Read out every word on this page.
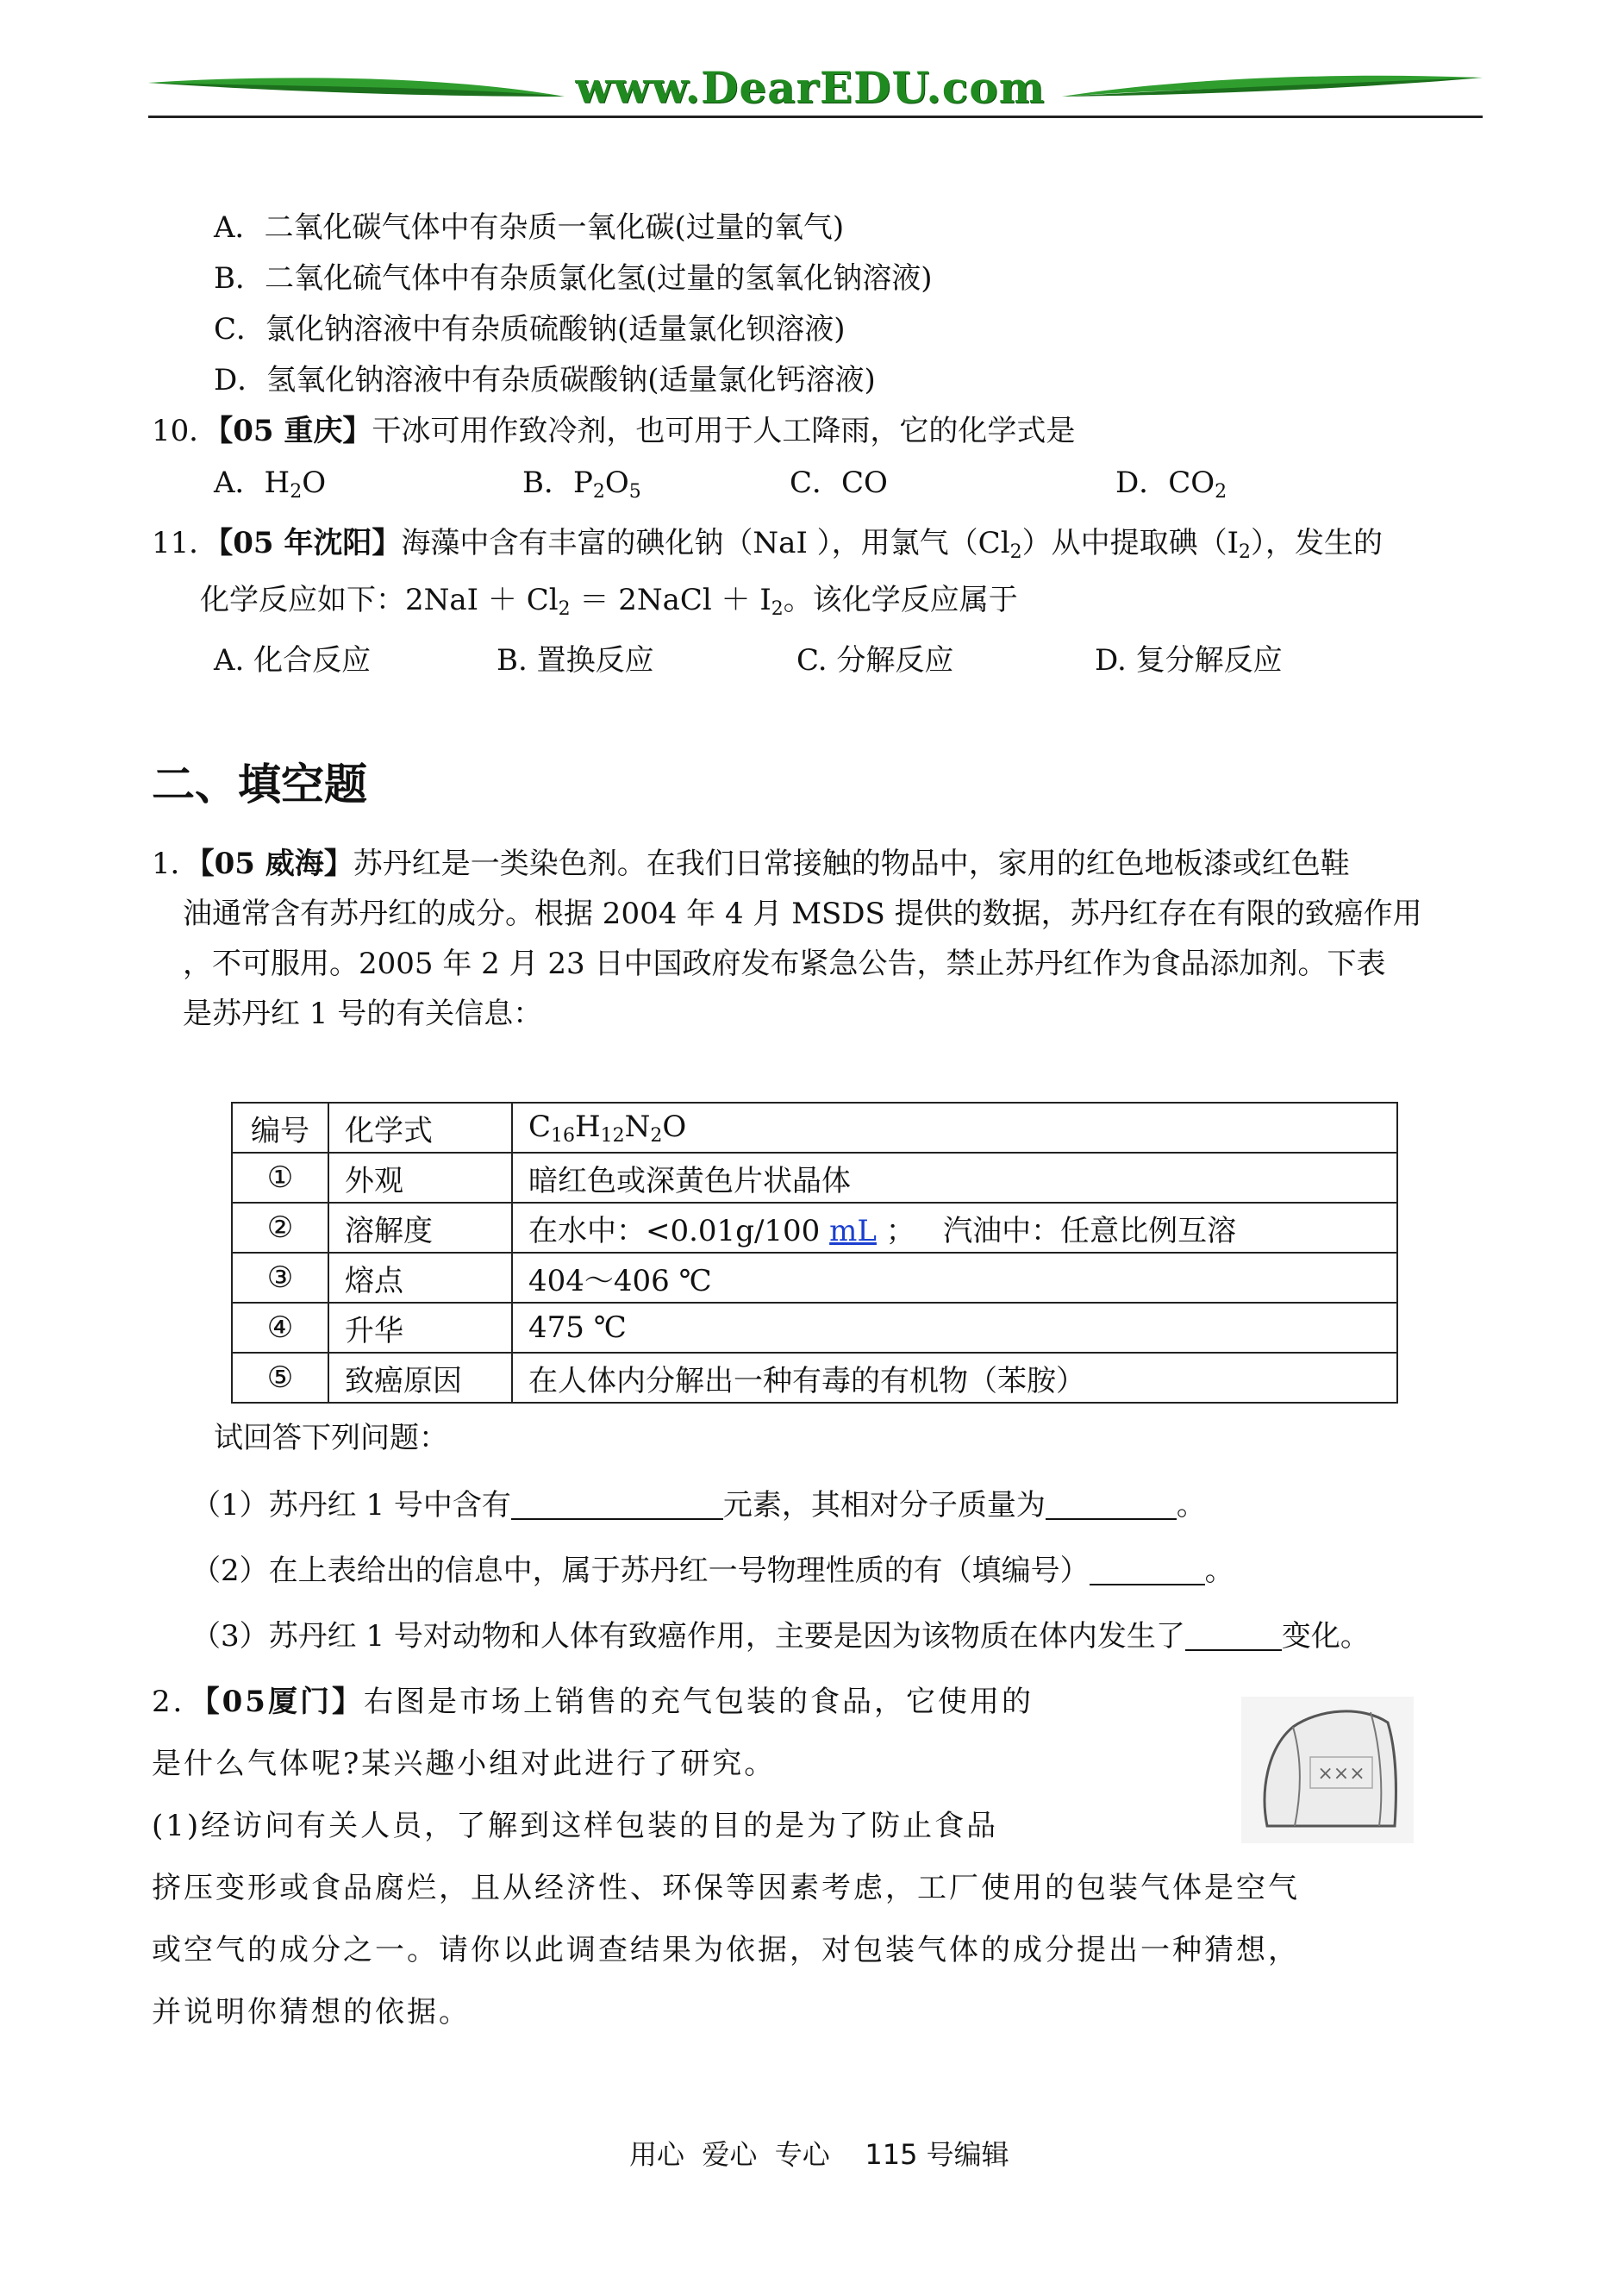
www.DearEDU.com
A．二氧化碳气体中有杂质一氧化碳(过量的氧气)
B．二氧化硫气体中有杂质氯化氢(过量的氢氧化钠溶液)
C．氯化钠溶液中有杂质硫酸钠(适量氯化钡溶液)
D．氢氧化钠溶液中有杂质碳酸钠(适量氯化钙溶液)
10．【05 重庆】干冰可用作致冷剂，也可用于人工降雨，它的化学式是
A．$H_2O$	B．$P_2O_5$	C．CO	D．$CO_2$
11．【05 年沈阳】海藻中含有丰富的碘化钠（NaI ），用氯气$(Cl_2)$从中提取碘$(I_2)$，发生的
化学反应如下：$2NaI + Cl_2$ ＝ 2NaCl ＋ $I_2$。该化学反应属于
A. 化合反应	B. 置换反应	C. 分解反应	D. 复分解反应
二、填空题
1．【05 威海】苏丹红是一类染色剂。在我们日常接触的物品中，家用的红色地板漆或红色鞋
油通常含有苏丹红的成分。根据 2004 年 4 月 MSDS 提供的数据，苏丹红存在有限的致癌作用
，不可服用。2005 年 2 月 23 日中国政府发布紧急公告，禁止苏丹红作为食品添加剂。下表
是苏丹红 1 号的有关信息：
编号	化学式	$C_{16}H_{12}N_2O$
①	外观	暗红色或深黄色片状晶体
②	溶解度	在水中：<0.01g/100 mL ；   汽油中：任意比例互溶
③	熔点	404～406 ℃
④	升华	475 ℃
⑤	致癌原因	在人体内分解出一种有毒的有机物（苯胺）
试回答下列问题：
（1）苏丹红 1 号中含有	元素，其相对分子质量为	。
（2）在上表给出的信息中，属于苏丹红一号物理性质的有（填编号）	。
（3）苏丹红 1 号对动物和人体有致癌作用，主要是因为该物质在体内发生了	变化。
2．【05厦门】右图是市场上销售的充气包装的食品，它使用的
是什么气体呢?某兴趣小组对此进行了研究。
(1)经访问有关人员，了解到这样包装的目的是为了防止食品
挤压变形或食品腐烂，且从经济性、环保等因素考虑，工厂使用的包装气体是空气
或空气的成分之一。请你以此调查结果为依据，对包装气体的成分提出一种猜想，
并说明你猜想的依据。
×××
用心  爱心  专心    115 号编辑
